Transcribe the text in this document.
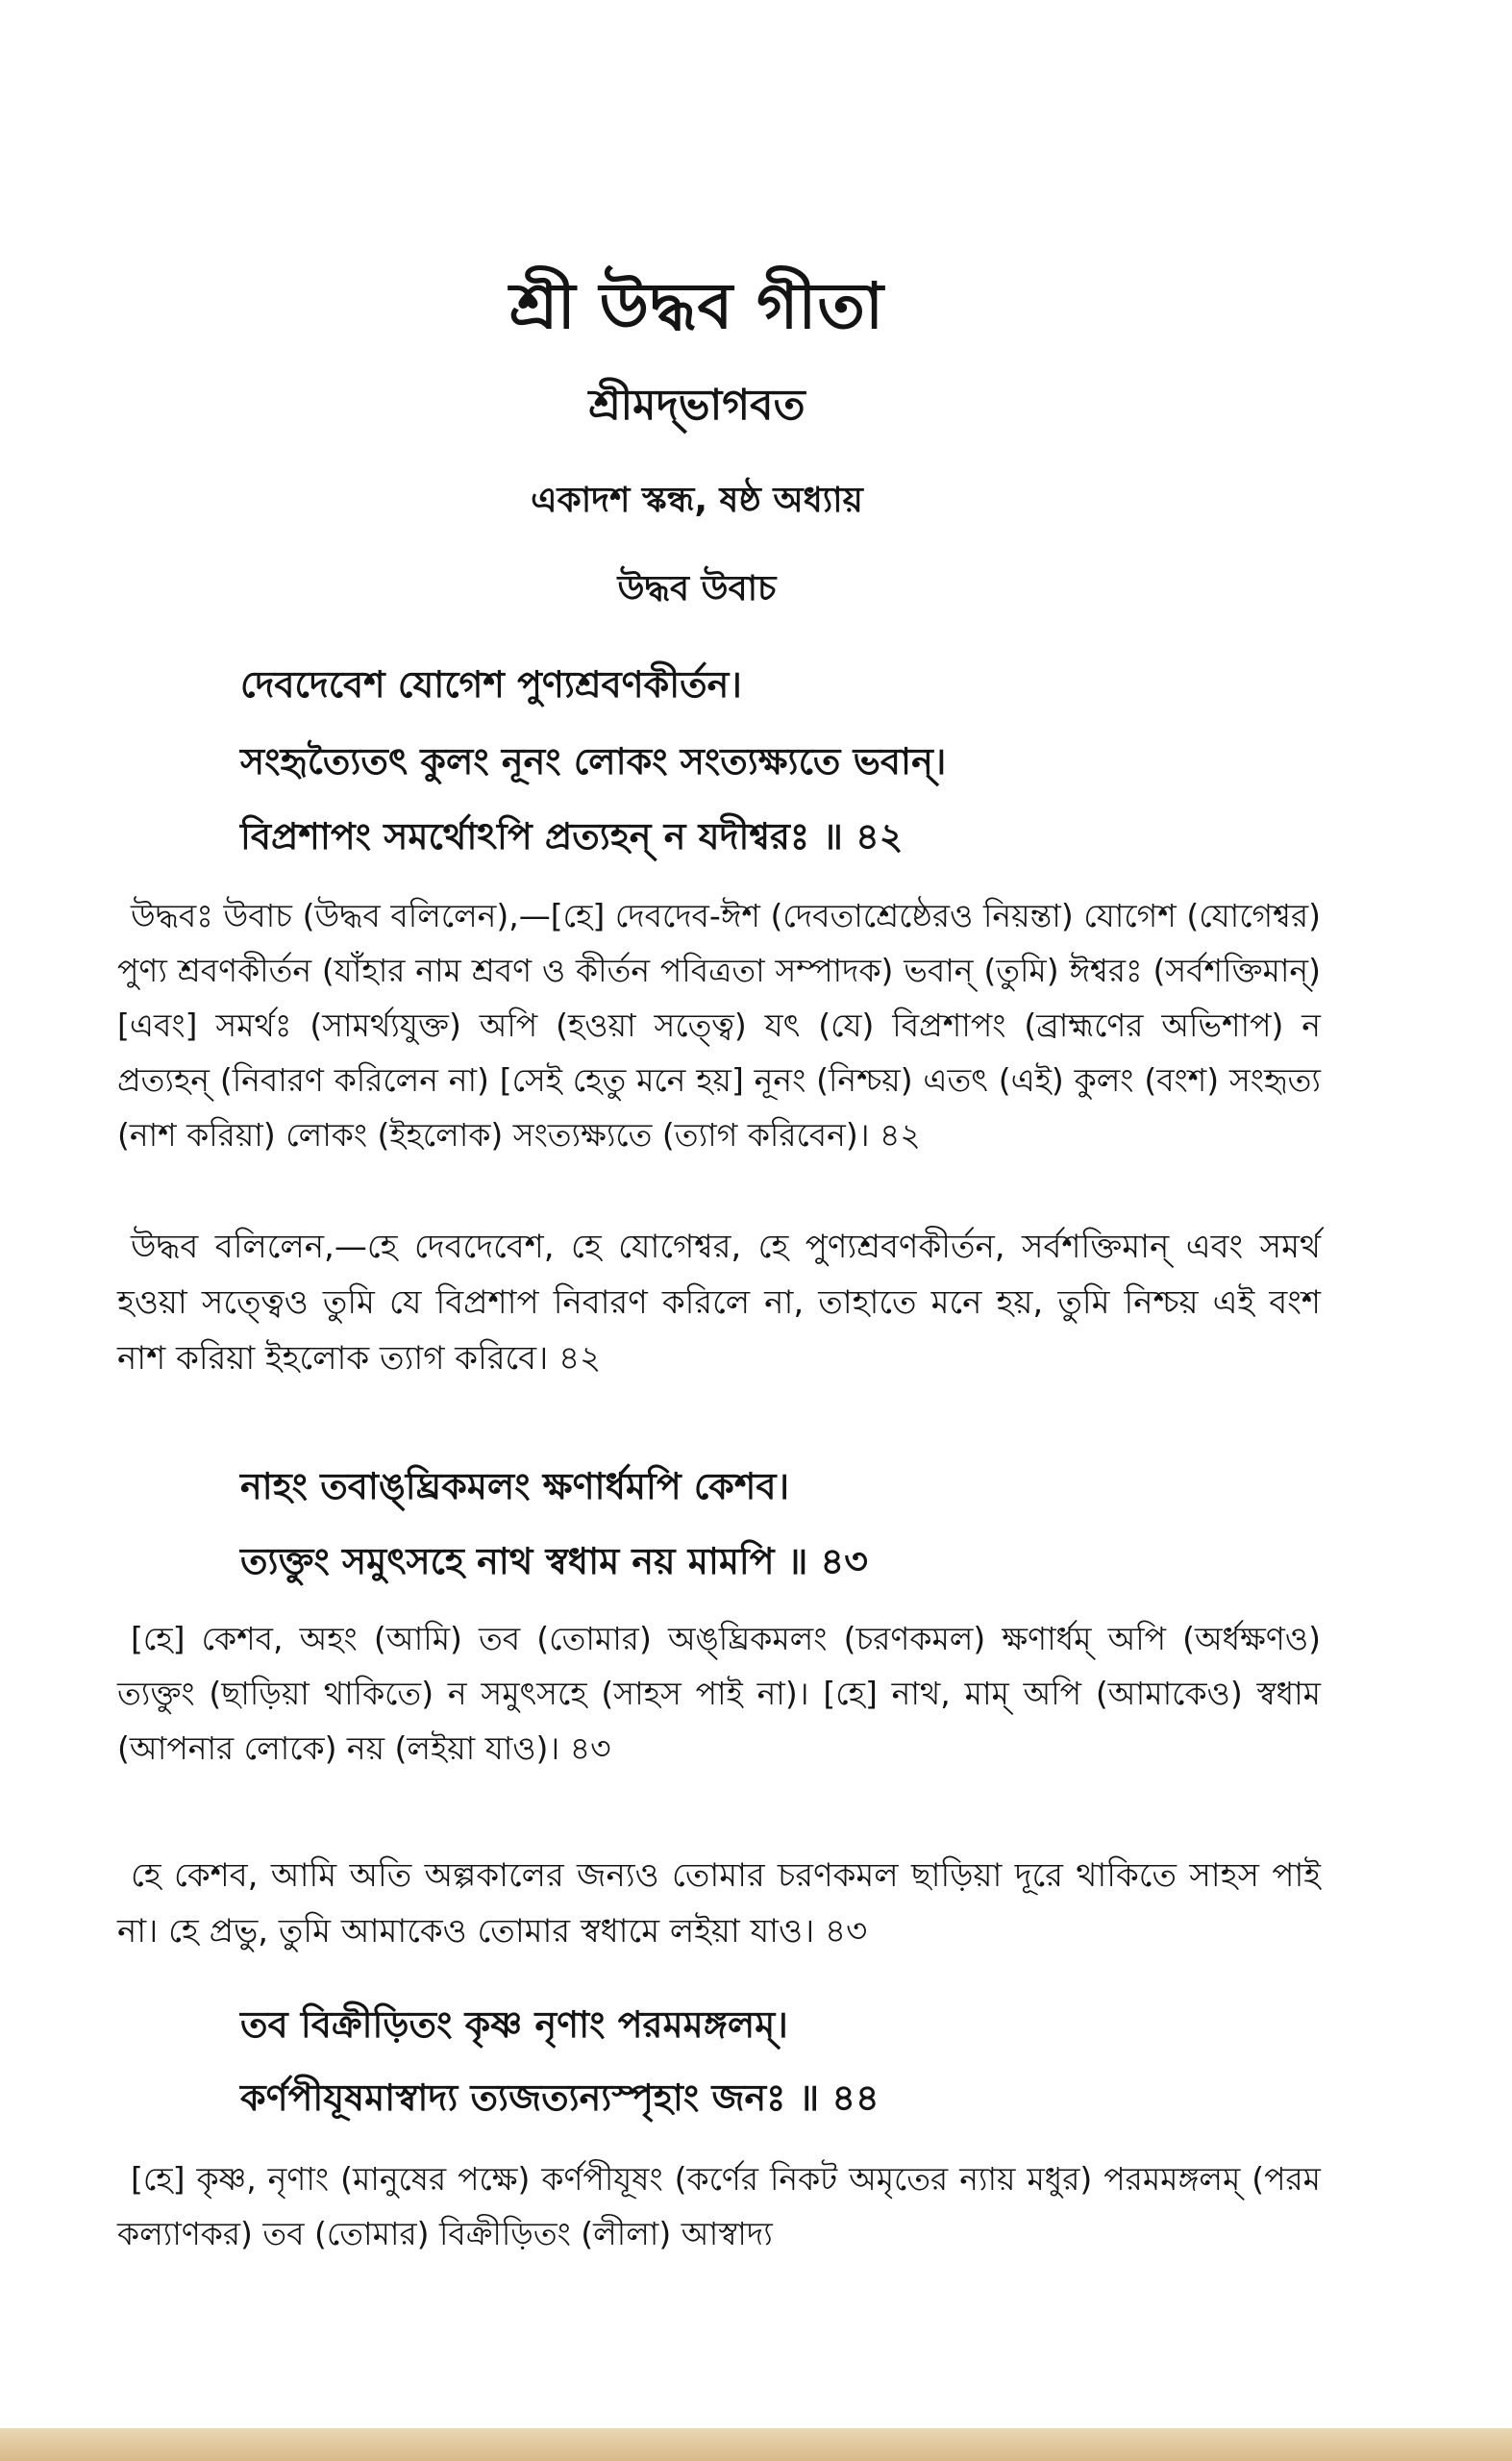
শ্রী উদ্ধব গীতা
শ্রীমদ্‌ভাগবত
একাদশ স্কন্ধ, ষষ্ঠ অধ্যায়
উদ্ধব উবাচ
দেবদেবেশ যোগেশ পুণ্যশ্রবণকীর্তন।
সংহৃত্যৈতৎ কুলং নূনং লোকং সংত্যক্ষ্যতে ভবান্‌।
বিপ্রশাপং সমর্থোঽপি প্রত্যহন্‌ ন যদীশ্বরঃ ॥ ৪২
উদ্ধবঃ উবাচ (উদ্ধব বলিলেন),—[হে] দেবদেব-ঈশ (দেবতাশ্রেষ্ঠেরও নিয়ন্তা) যোগেশ (যোগেশ্বর) পুণ্য শ্রবণকীর্তন (যাঁহার নাম শ্রবণ ও কীর্তন পবিত্রতা সম্পাদক) ভবান্‌ (তুমি) ঈশ্বরঃ (সর্বশক্তিমান্‌) [এবং] সমর্থঃ (সামর্থ্যযুক্ত) অপি (হওয়া সত্ত্বে) যৎ (যে) বিপ্রশাপং (ব্রাহ্মণের অভিশাপ) ন প্রত্যহন্‌ (নিবারণ করিলেন না) [সেই হেতু মনে হয়] নূনং (নিশ্চয়) এতৎ (এই) কুলং (বংশ) সংহৃত্য (নাশ করিয়া) লোকং (ইহলোক) সংত্যক্ষ্যতে (ত্যাগ করিবেন)। ৪২
উদ্ধব বলিলেন,—হে দেবদেবেশ, হে যোগেশ্বর, হে পুণ্যশ্রবণকীর্তন, সর্বশক্তিমান্‌ এবং সমর্থ হওয়া সত্ত্বেও তুমি যে বিপ্রশাপ নিবারণ করিলে না, তাহাতে মনে হয়, তুমি নিশ্চয় এই বংশ নাশ করিয়া ইহলোক ত্যাগ করিবে। ৪২
নাহং তবাঙ্‌ঘ্রিকমলং ক্ষণার্ধমপি কেশব।
ত্যক্তুং সমুৎসহে নাথ স্বধাম নয় মামপি ॥ ৪৩
[হে] কেশব, অহং (আমি) তব (তোমার) অঙ্‌ঘ্রিকমলং (চরণকমল) ক্ষণার্ধম্‌ অপি (অর্ধক্ষণও) ত্যক্তুং (ছাড়িয়া থাকিতে) ন সমুৎসহে (সাহস পাই না)। [হে] নাথ, মাম্‌ অপি (আমাকেও) স্বধাম (আপনার লোকে) নয় (লইয়া যাও)। ৪৩
হে কেশব, আমি অতি অল্পকালের জন্যও তোমার চরণকমল ছাড়িয়া দূরে থাকিতে সাহস পাই না। হে প্রভু, তুমি আমাকেও তোমার স্বধামে লইয়া যাও। ৪৩
তব বিক্রীড়িতং কৃষ্ণ নৃণাং পরমমঙ্গলম্‌।
কর্ণপীযূষমাস্বাদ্য ত্যজত্যন্যস্পৃহাং জনঃ ॥ ৪৪
[হে] কৃষ্ণ, নৃণাং (মানুষের পক্ষে) কর্ণপীযূষং (কর্ণের নিকট অমৃতের ন্যায় মধুর) পরমমঙ্গলম্‌ (পরম কল্যাণকর) তব (তোমার) বিক্রীড়িতং (লীলা) আস্বাদ্য
